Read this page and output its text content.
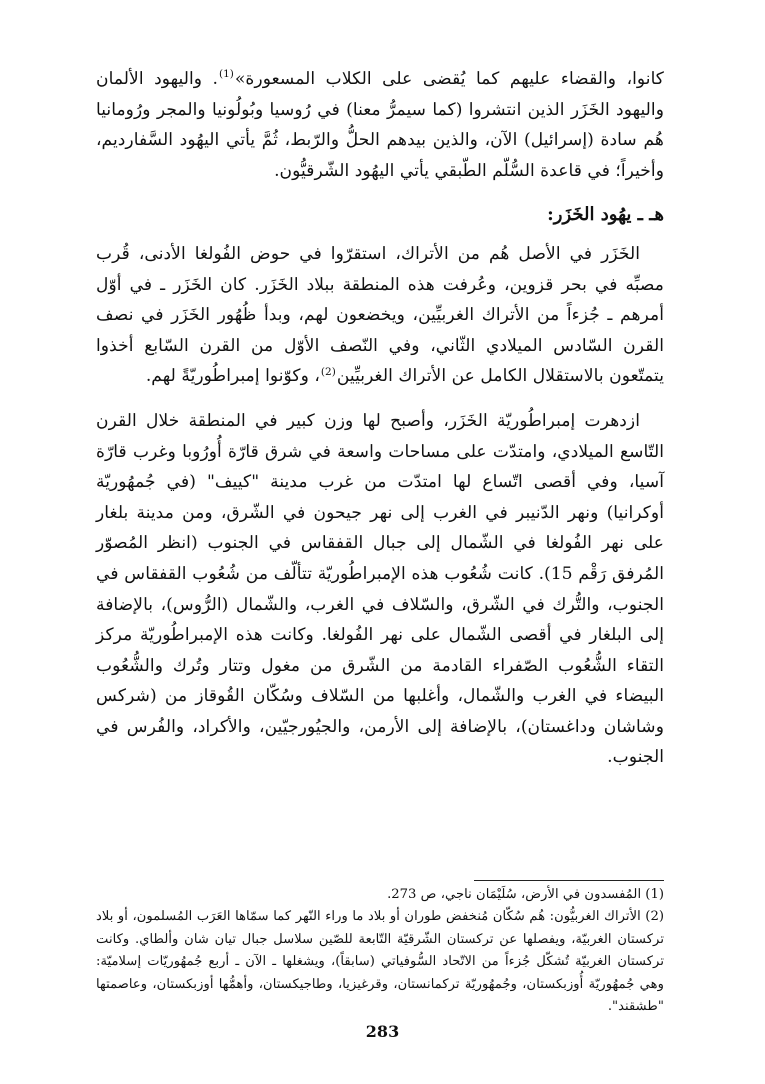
كانوا، والقضاء عليهم كما يُقضى على الكلاب المسعورة»$^{(1)}$. واليهود الألمان واليهود الخَزَر الذين انتشروا (كما سيمرُّ معنا) في رُوسيا وبُولُونيا والمجر ورُومانيا هُم سادة (إسرائيل) الآن، والذين بيدهم الحلُّ والرّبط، ثُمَّ يأتي اليهُود السَّفارديم، وأخيراً؛ في قاعدة السُّلّم الطّبقي يأتي اليهُود الشّرقيُّون.

هـ ـ يهُود الخَزَر:

الخَزَر في الأصل هُم من الأتراك، استقرّوا في حوض الفُولغا الأدنى، قُرب مصبِّه في بحر قزوين، وعُرفت هذه المنطقة ببلاد الخَزَر. كان الخَزَر ـ في أوّل أمرهم ـ جُزءاً من الأتراك الغربيِّين، ويخضعون لهم، وبدأ ظُهُور الخَزَر في نصف القرن السّادس الميلادي الثّاني، وفي النّصف الأوّل من القرن السّابع أخذوا يتمتّعون بالاستقلال الكامل عن الأتراك الغربيِّين$^{(2)}$، وكوّنوا إمبراطُوريّةً لهم.

ازدهرت إمبراطُوريّة الخَزَر، وأصبح لها وزن كبير في المنطقة خلال القرن التّاسع الميلادي، وامتدّت على مساحات واسعة في شرق قارّة أُورُوبا وغرب قارّة آسيا، وفي أقصى اتّساع لها امتدّت من غرب مدينة "كييف" (في جُمهُوريّة أوكرانيا) ونهر الدّنيبر في الغرب إلى نهر جيحون في الشّرق، ومن مدينة بلغار على نهر الفُولغا في الشّمال إلى جبال القفقاس في الجنوب (انظر المُصوّر المُرفق رَقْم 15). كانت شُعُوب هذه الإمبراطُوريّة تتألّف من شُعُوب القفقاس في الجنوب، والتُّرك في الشّرق، والسّلاف في الغرب، والشّمال (الرُّوس)، بالإضافة إلى البلغار في أقصى الشّمال على نهر الفُولغا. وكانت هذه الإمبراطُوريّة مركز التقاء الشُّعُوب الصّفراء القادمة من الشّرق من مغول وتتار وتُرك والشُّعُوب البيضاء في الغرب والشّمال، وأغلبها من السّلاف وسُكّان القُوقاز من (شركس وشاشان وداغستان)، بالإضافة إلى الأرمن، والجيُورجيّين، والأكراد، والفُرس في الجنوب.

(1) المُفسدون في الأرض، سُلَيْمَان ناجي، ص 273.

(2) الأتراك الغربيُّون: هُم سُكّان مُنخفض طوران أو بلاد ما وراء النّهر كما سمّاها العَرَب المُسلمون، أو بلاد تركستان الغربيّة، ويفصلها عن تركستان الشّرقيّة التّابعة للصّين سلاسل جبال تيان شان وألطاي. وكانت تركستان الغربيّة تُشكّل جُزءاً من الاتّحاد السُّوفياتي (سابقاً)، ويشغلها ـ الآن ـ أربع جُمهُوريّات إسلاميّة: وهي جُمهُوريّة أُوزبكستان، وجُمهُوريّة تركمانستان، وقرغيزيا، وطاجيكستان، وأهمُّها أوزبكستان، وعاصمتها "طشقند".

283
